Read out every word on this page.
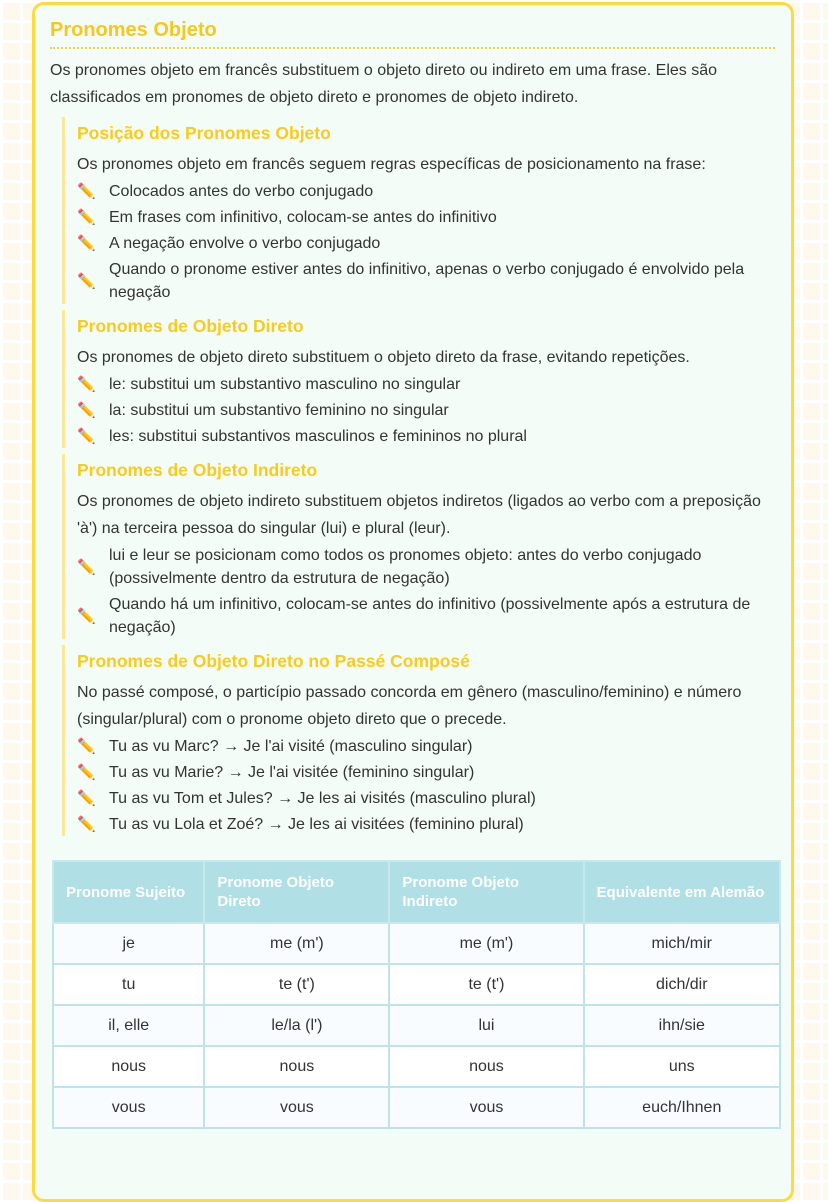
Pronomes Objeto
Os pronomes objeto em francês substituem o objeto direto ou indireto em uma frase. Eles são classificados em pronomes de objeto direto e pronomes de objeto indireto.
Posição dos Pronomes Objeto
Os pronomes objeto em francês seguem regras específicas de posicionamento na frase:
✏️ Colocados antes do verbo conjugado
✏️ Em frases com infinitivo, colocam-se antes do infinitivo
✏️ A negação envolve o verbo conjugado
✏️
Quando o pronome estiver antes do infinitivo, apenas o verbo conjugado é envolvido pela negação
Pronomes de Objeto Direto
Os pronomes de objeto direto substituem o objeto direto da frase, evitando repetições.
✏️ le: substitui um substantivo masculino no singular
✏️ la: substitui um substantivo feminino no singular
✏️ les: substitui substantivos masculinos e femininos no plural
Pronomes de Objeto Indireto
Os pronomes de objeto indireto substituem objetos indiretos (ligados ao verbo com a preposição 'à') na terceira pessoa do singular (lui) e plural (leur).
✏️
lui e leur se posicionam como todos os pronomes objeto: antes do verbo conjugado (possivelmente dentro da estrutura de negação)
✏️
Quando há um infinitivo, colocam-se antes do infinitivo (possivelmente após a estrutura de negação)
Pronomes de Objeto Direto no Passé Composé
No passé composé, o particípio passado concorda em gênero (masculino/feminino) e número (singular/plural) com o pronome objeto direto que o precede.
✏️ Tu as vu Marc? → Je l'ai visité (masculino singular)
✏️ Tu as vu Marie? → Je l'ai visitée (feminino singular)
✏️ Tu as vu Tom et Jules? → Je les ai visités (masculino plural)
✏️ Tu as vu Lola et Zoé? → Je les ai visitées (feminino plural)
Pronome Sujeito	Pronome Objeto Direto	Pronome Objeto Indireto	Equivalente em Alemão
je	me (m')	me (m')	mich/mir
tu	te (t')	te (t')	dich/dir
il, elle	le/la (l')	lui	ihn/sie
nous	nous	nous	uns
vous	vous	vous	euch/Ihnen
